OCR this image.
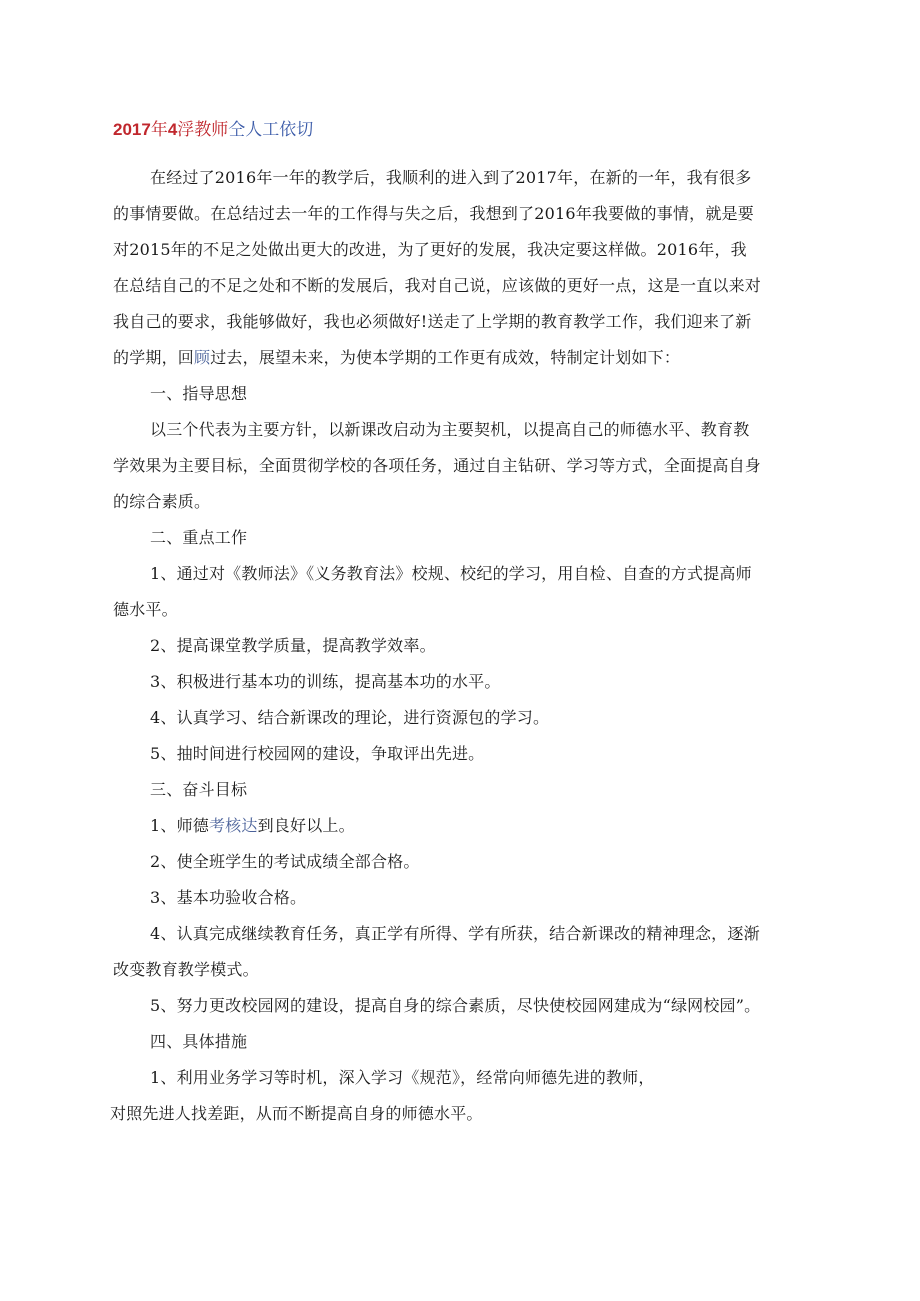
2017年4浮教师仝人工依切

在经过了2016年一年的教学后，我顺利的进入到了2017年，在新的一年，我有很多的事情要做。在总结过去一年的工作得与失之后，我想到了2016年我要做的事情，就是要对2015年的不足之处做出更大的改进，为了更好的发展，我决定要这样做。2016年，我在总结自己的不足之处和不断的发展后，我对自己说，应该做的更好一点，这是一直以来对我自己的要求，我能够做好，我也必须做好!送走了上学期的教育教学工作，我们迎来了新的学期，回顾过去，展望未来，为使本学期的工作更有成效，特制定计划如下：

一、指导思想

以三个代表为主要方针，以新课改启动为主要契机，以提高自己的师德水平、教育教学效果为主要目标，全面贯彻学校的各项任务，通过自主钻研、学习等方式，全面提高自身的综合素质。

二、重点工作

1、通过对《教师法》《义务教育法》校规、校纪的学习，用自检、自查的方式提高师德水平。

2、提高课堂教学质量，提高教学效率。

3、积极进行基本功的训练，提高基本功的水平。

4、认真学习、结合新课改的理论，进行资源包的学习。

5、抽时间进行校园网的建设，争取评出先进。

三、奋斗目标

1、师德考核达到良好以上。

2、使全班学生的考试成绩全部合格。

3、基本功验收合格。

4、认真完成继续教育任务，真正学有所得、学有所获，结合新课改的精神理念，逐渐改变教育教学模式。

5、努力更改校园网的建设，提高自身的综合素质，尽快使校园网建成为“绿网校园”。

四、具体措施

1、利用业务学习等时机，深入学习《规范》，经常向师德先进的教师，

对照先进人找差距，从而不断提高自身的师德水平。
